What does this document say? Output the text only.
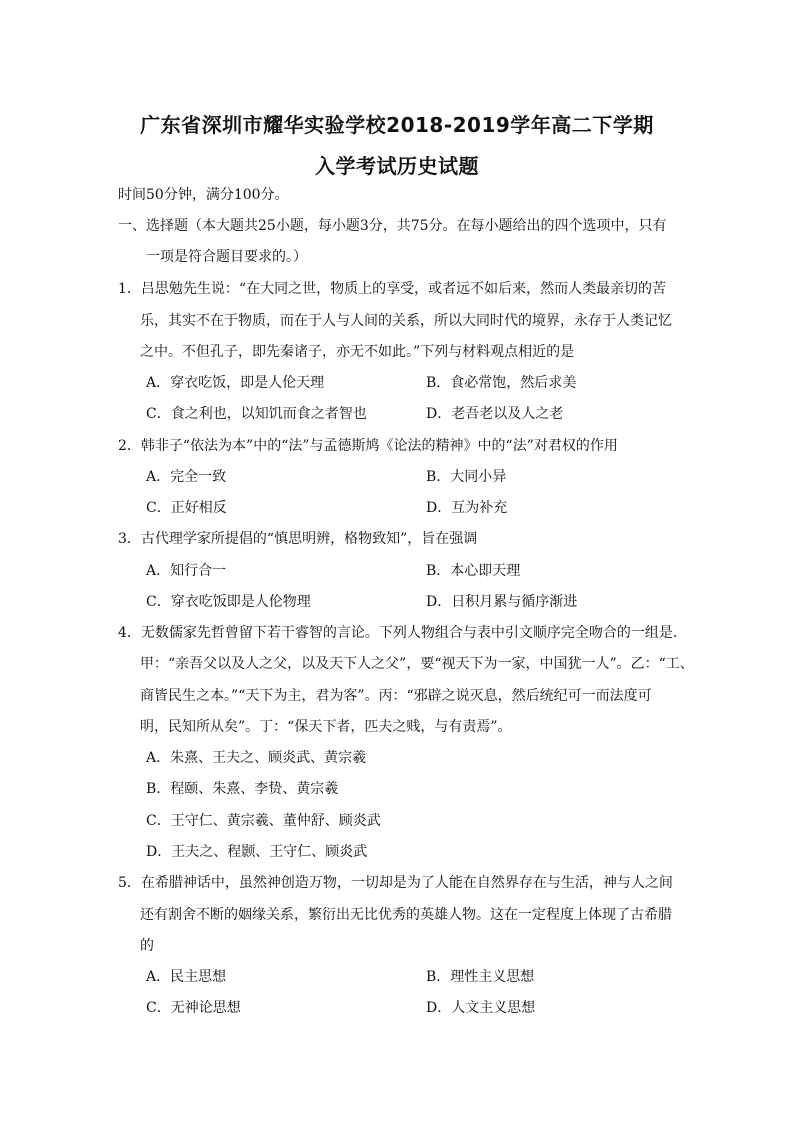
广东省深圳市耀华实验学校2018-2019学年高二下学期
入学考试历史试题
时间50分钟，满分100分。
一、选择题（本大题共25小题，每小题3分，共75分。在每小题给出的四个选项中，只有
一项是符合题目要求的。）
1．吕思勉先生说：“在大同之世，物质上的享受，或者远不如后来，然而人类最亲切的苦
乐，其实不在于物质，而在于人与人间的关系，所以大同时代的境界，永存于人类记忆
之中。不但孔子，即先秦诸子，亦无不如此。”下列与材料观点相近的是
A．穿衣吃饭，即是人伦天理	B．食必常饱，然后求美
C．食之利也，以知饥而食之者智也	D．老吾老以及人之老
2．韩非子“依法为本”中的“法”与孟德斯鸠《论法的精神》中的“法”对君权的作用
A．完全一致	B．大同小异
C．正好相反	D．互为补充
3．古代理学家所提倡的“慎思明辨，格物致知”，旨在强调
A．知行合一	B．本心即天理
C．穿衣吃饭即是人伦物理	D．日积月累与循序渐进
4．无数儒家先哲曾留下若干睿智的言论。下列人物组合与表中引文顺序完全吻合的一组是.
甲：“亲吾父以及人之父，以及天下人之父”，要“视天下为一家，中国犹一人”。乙：“工、
商皆民生之本。”“天下为主，君为客”。丙：“邪辟之说灭息，然后统纪可一而法度可
明，民知所从矣”。丁：“保天下者，匹夫之贱，与有责焉”。
A．朱熹、王夫之、顾炎武、黄宗羲
B．程颐、朱熹、李贽、黄宗羲
C．王守仁、黄宗羲、董仲舒、顾炎武
D．王夫之、程颢、王守仁、顾炎武
5．在希腊神话中，虽然神创造万物，一切却是为了人能在自然界存在与生活，神与人之间
还有割舍不断的姻缘关系，繁衍出无比优秀的英雄人物。这在一定程度上体现了古希腊
的
A．民主思想	B．理性主义思想
C．无神论思想	D．人文主义思想
